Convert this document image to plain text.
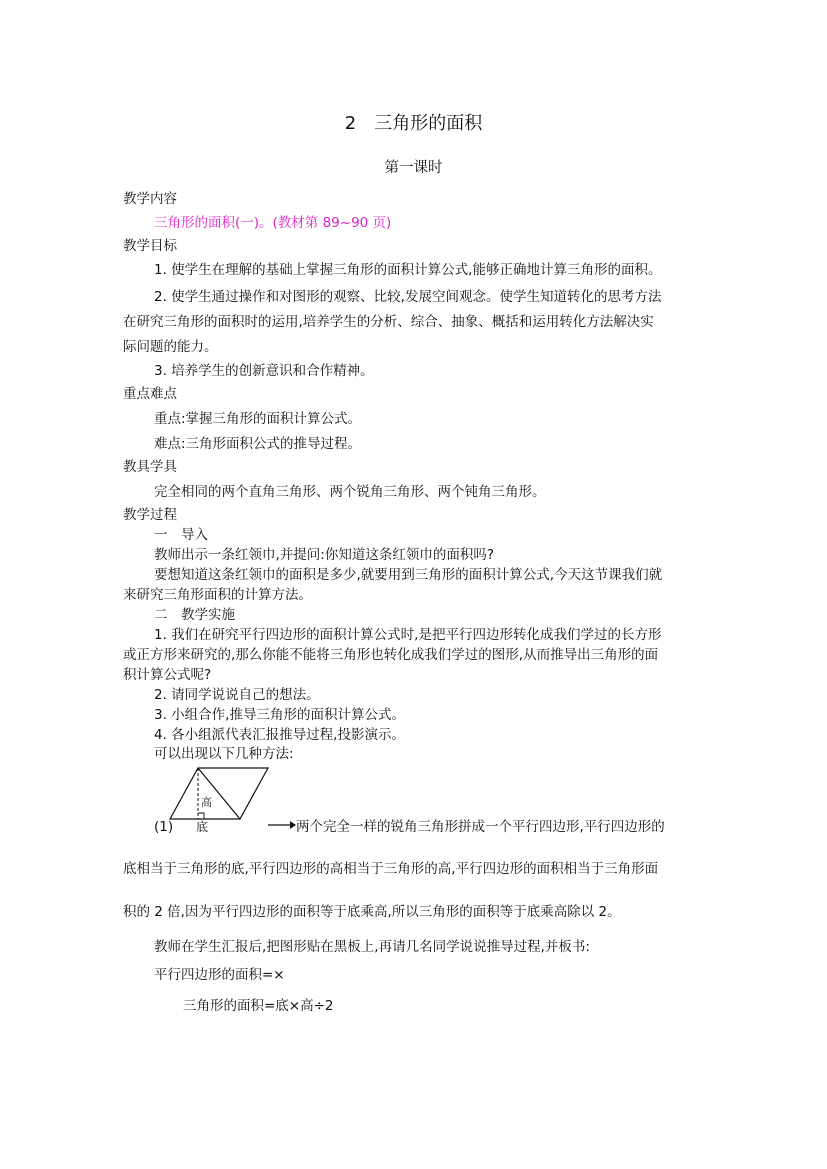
2　三角形的面积
第一课时
教学内容
三角形的面积(一)。(教材第 89~90 页)
教学目标
1. 使学生在理解的基础上掌握三角形的面积计算公式,能够正确地计算三角形的面积。
2. 使学生通过操作和对图形的观察、比较,发展空间观念。使学生知道转化的思考方法
在研究三角形的面积时的运用,培养学生的分析、综合、抽象、概括和运用转化方法解决实
际问题的能力。
3. 培养学生的创新意识和合作精神。
重点难点
重点:掌握三角形的面积计算公式。
难点:三角形面积公式的推导过程。
教具学具
完全相同的两个直角三角形、两个锐角三角形、两个钝角三角形。
教学过程
一　导入
教师出示一条红领巾,并提问:你知道这条红领巾的面积吗?
要想知道这条红领巾的面积是多少,就要用到三角形的面积计算公式,今天这节课我们就
来研究三角形面积的计算方法。
二　教学实施
1. 我们在研究平行四边形的面积计算公式时,是把平行四边形转化成我们学过的长方形
或正方形来研究的,那么你能不能将三角形也转化成我们学过的图形,从而推导出三角形的面
积计算公式呢?
2. 请同学说说自己的想法。
3. 小组合作,推导三角形的面积计算公式。
4. 各小组派代表汇报推导过程,投影演示。
可以出现以下几种方法:
高
底
(1)	两个完全一样的锐角三角形拼成一个平行四边形,平行四边形的
底相当于三角形的底,平行四边形的高相当于三角形的高,平行四边形的面积相当于三角形面
积的 2 倍,因为平行四边形的面积等于底乘高,所以三角形的面积等于底乘高除以 2。
教师在学生汇报后,把图形贴在黑板上,再请几名同学说说推导过程,并板书:
平行四边形的面积=×
三角形的面积=底×高÷2
